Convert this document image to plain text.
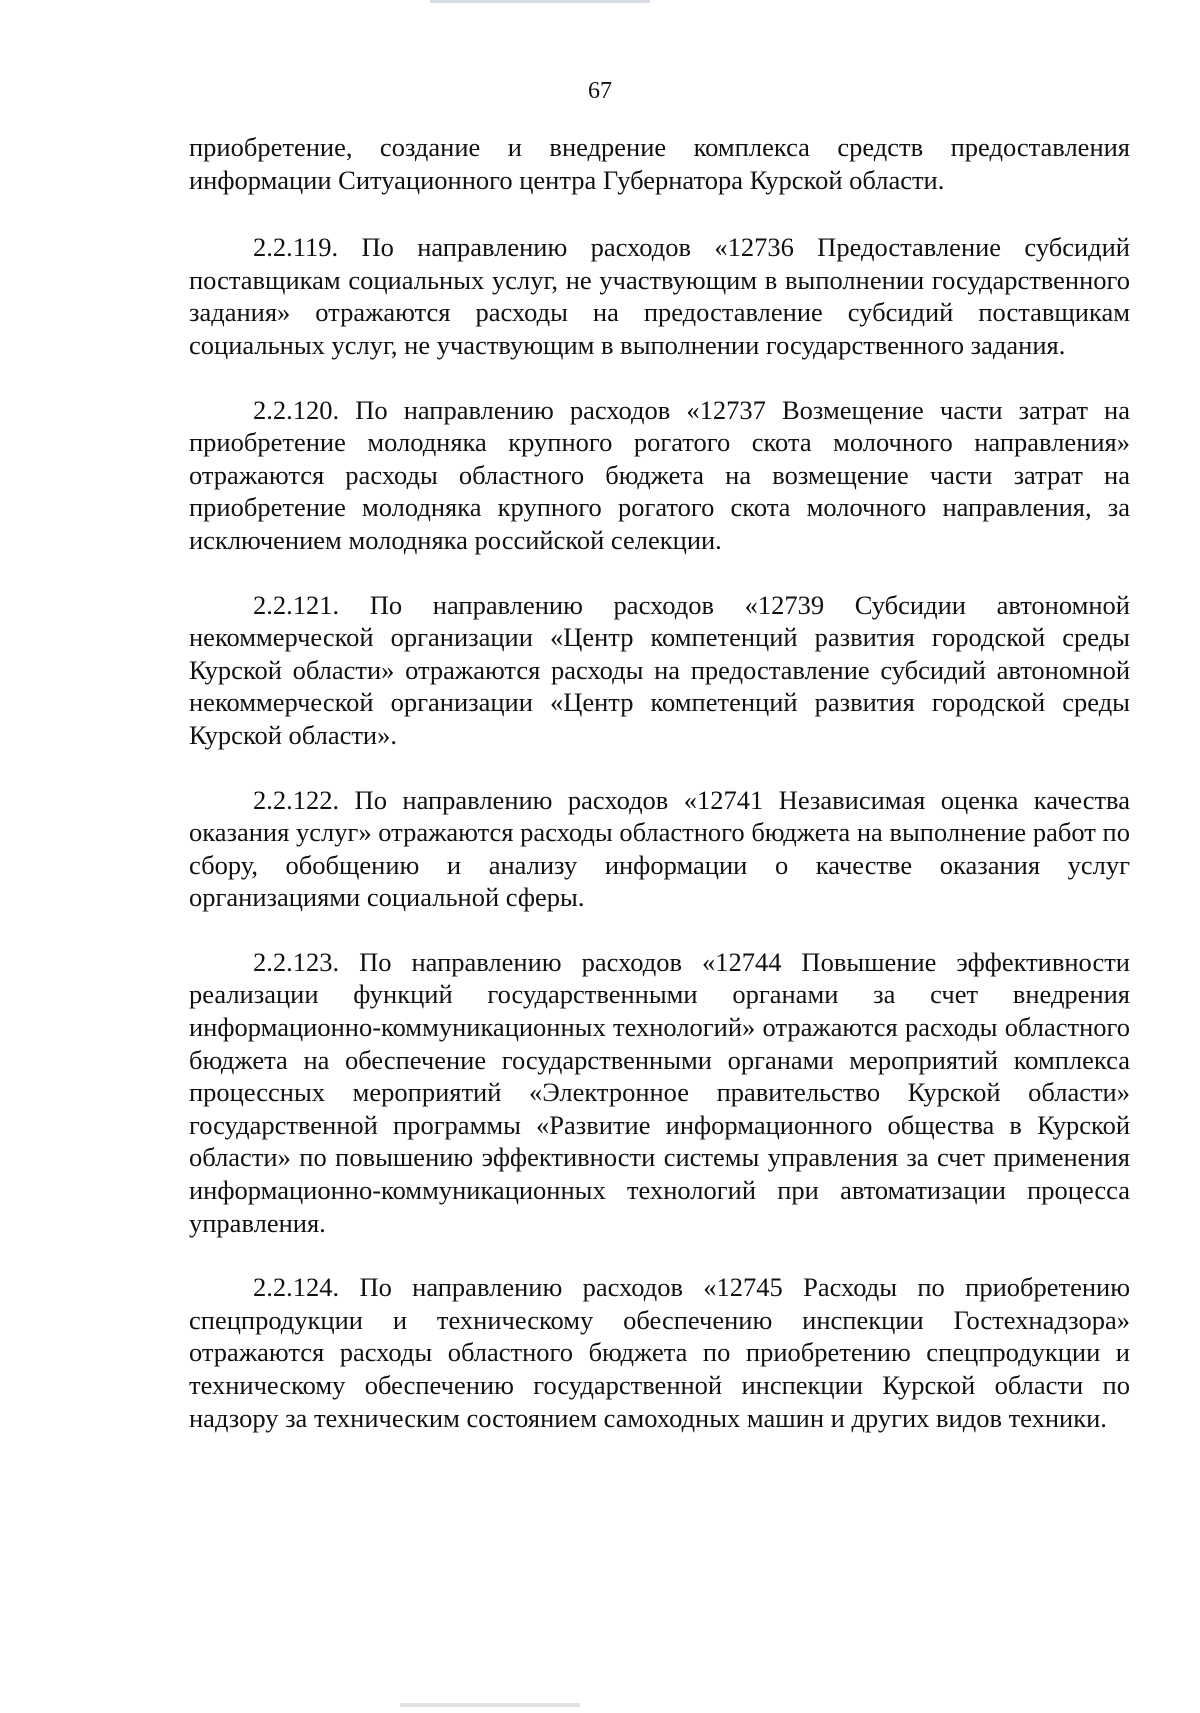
67

приобретение, создание и внедрение комплекса средств предоставления информации Ситуационного центра Губернатора Курской области.

2.2.119. По направлению расходов «12736 Предоставление субсидий поставщикам социальных услуг, не участвующим в выполнении государственного задания» отражаются расходы на предоставление субсидий поставщикам социальных услуг, не участвующим в выполнении государственного задания.

2.2.120. По направлению расходов «12737 Возмещение части затрат на приобретение молодняка крупного рогатого скота молочного направления» отражаются расходы областного бюджета на возмещение части затрат на приобретение молодняка крупного рогатого скота молочного направления, за исключением молодняка российской селекции.

2.2.121. По направлению расходов «12739 Субсидии автономной некоммерческой организации «Центр компетенций развития городской среды Курской области» отражаются расходы на предоставление субсидий автономной некоммерческой организации «Центр компетенций развития городской среды Курской области».

2.2.122. По направлению расходов «12741 Независимая оценка качества оказания услуг» отражаются расходы областного бюджета на выполнение работ по сбору, обобщению и анализу информации о качестве оказания услуг организациями социальной сферы.

2.2.123. По направлению расходов «12744 Повышение эффективности реализации функций государственными органами за счет внедрения информационно-коммуникационных технологий» отражаются расходы областного бюджета на обеспечение государственными органами мероприятий комплекса процессных мероприятий «Электронное правительство Курской области» государственной программы «Развитие информационного общества в Курской области» по повышению эффективности системы управления за счет применения информационно-коммуникационных технологий при автоматизации процесса управления.

2.2.124. По направлению расходов «12745 Расходы по приобретению спецпродукции и техническому обеспечению инспекции Гостехнадзора» отражаются расходы областного бюджета по приобретению спецпродукции и техническому обеспечению государственной инспекции Курской области по надзору за техническим состоянием самоходных машин и других видов техники.
